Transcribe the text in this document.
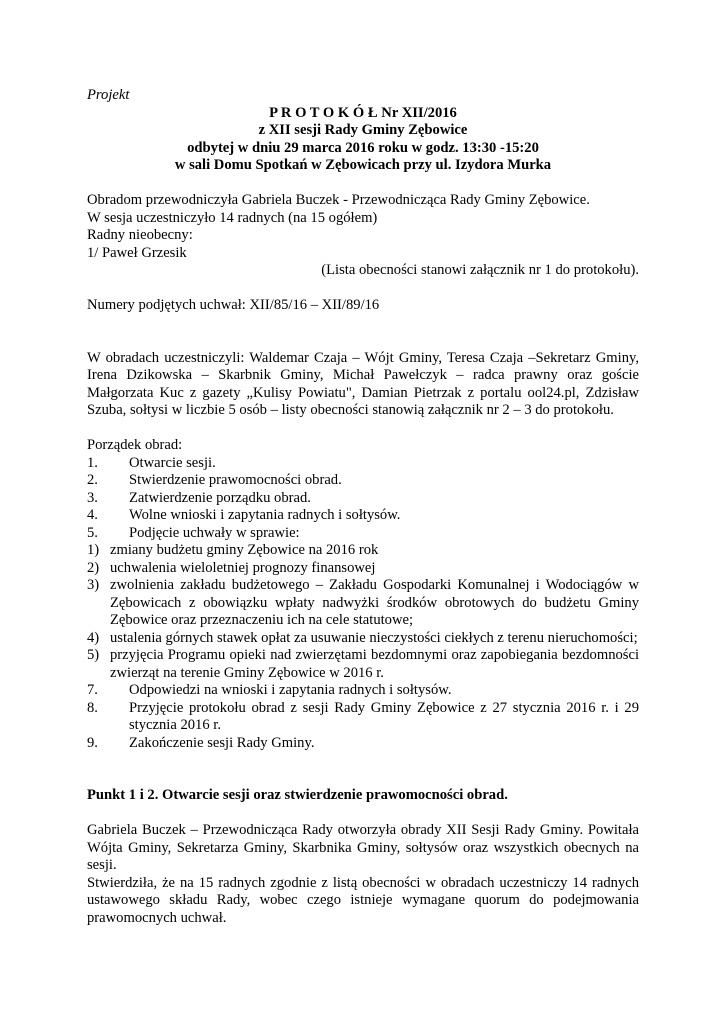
Projekt

P R O T O K Ó Ł Nr XII/2016

z XII sesji Rady Gminy Zębowice

odbytej w dniu 29 marca 2016 roku w godz. 13:30 -15:20

w sali Domu Spotkań w Zębowicach przy ul. Izydora Murka

Obradom przewodniczyła Gabriela Buczek - Przewodnicząca Rady Gminy Zębowice.

W sesja uczestniczyło 14 radnych (na 15 ogółem)

Radny nieobecny:

1/ Paweł Grzesik

(Lista obecności stanowi załącznik nr 1 do protokołu).

Numery podjętych uchwał: XII/85/16 – XII/89/16

W obradach uczestniczyli: Waldemar Czaja – Wójt Gminy, Teresa Czaja –Sekretarz Gminy, Irena Dzikowska – Skarbnik Gminy, Michał Pawełczyk – radca prawny oraz goście Małgorzata Kuc z gazety „Kulisy Powiatu", Damian Pietrzak z portalu ool24.pl, Zdzisław Szuba, sołtysi w liczbie 5 osób – listy obecności stanowią załącznik nr 2 – 3 do protokołu.

Porządek obrad:

1.	Otwarcie sesji.
2.	Stwierdzenie prawomocności obrad.
3.	Zatwierdzenie porządku obrad.
4.	Wolne wnioski i zapytania radnych i sołtysów.
5.	Podjęcie uchwały w sprawie:
1) zmiany budżetu gminy Zębowice na 2016 rok
2) uchwalenia wieloletniej prognozy finansowej
3) zwolnienia zakładu budżetowego – Zakładu Gospodarki Komunalnej i Wodociągów w Zębowicach z obowiązku wpłaty nadwyżki środków obrotowych do budżetu Gminy Zębowice oraz przeznaczeniu ich na cele statutowe;
4) ustalenia górnych stawek opłat za usuwanie nieczystości ciekłych z terenu nieruchomości;
5) przyjęcia Programu opieki nad zwierzętami bezdomnymi oraz zapobiegania bezdomności zwierząt na terenie Gminy Zębowice w 2016 r.
7.	Odpowiedzi na wnioski i zapytania radnych i sołtysów.
8.	Przyjęcie protokołu obrad z sesji Rady Gminy Zębowice z 27 stycznia 2016 r. i 29 stycznia 2016 r.
9.	Zakończenie sesji Rady Gminy.

Punkt 1 i 2. Otwarcie sesji oraz stwierdzenie prawomocności obrad.

Gabriela Buczek – Przewodnicząca Rady otworzyła obrady XII Sesji Rady Gminy. Powitała Wójta Gminy, Sekretarza Gminy, Skarbnika Gminy, sołtysów oraz wszystkich obecnych na sesji.

Stwierdziła, że na 15 radnych zgodnie z listą obecności w obradach uczestniczy 14 radnych ustawowego składu Rady, wobec czego istnieje wymagane quorum do podejmowania prawomocnych uchwał.
